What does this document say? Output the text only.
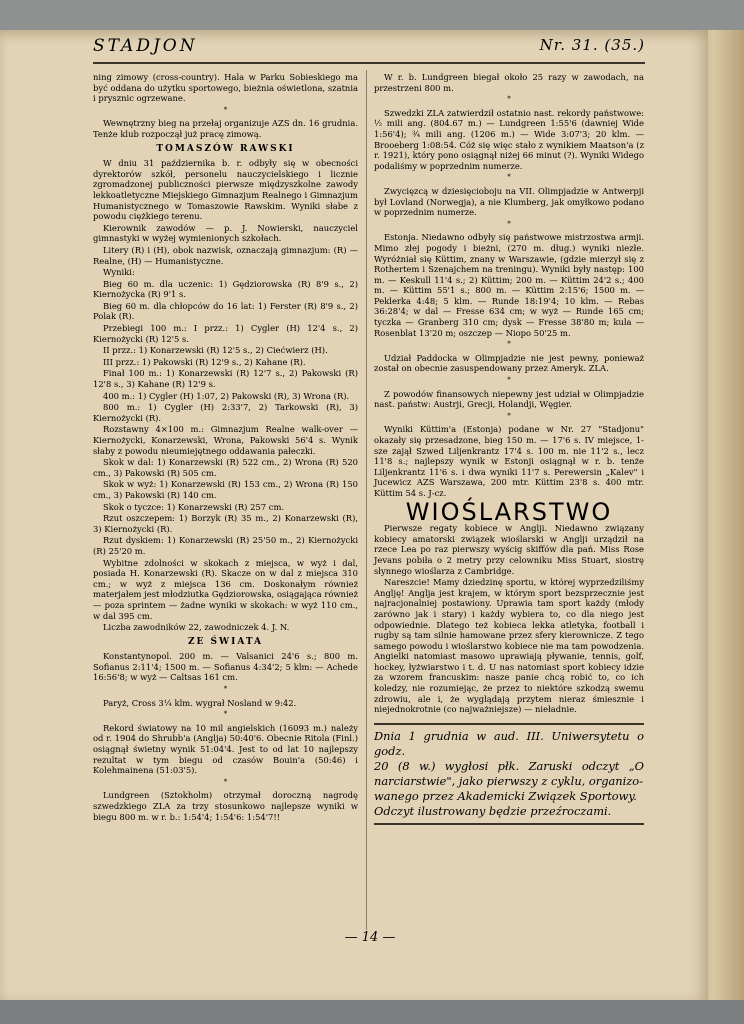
STADJON	Nr. 31. (35.)

ning zimowy (cross-country). Hala w Parku Sobieskiego ma być oddana do użytku sportowego, bieżnia oświetlona, szatnia i prysznic ogrzewane.

*

Wewnętrzny bieg na przełaj organizuje AZS dn. 16 grudnia. Tenże klub rozpoczął już pracę zimową.

TOMASZÓW RAWSKI

W dniu 31 października b. r. odbyły się w obecności dyrektorów szkół, personelu nauczycielskiego i licznie zgromadzonej publiczności pierwsze międzyszkolne zawody lekkoatletyczne Miejskiego Gimnazjum Realnego i Gimnazjum Humanistycznego w Tomaszowie Rawskim. Wyniki słabe z powodu ciężkiego terenu.

Kierownik zawodów — p. J. Nowierski, nauczyciel gimnastyki w wyżej wymienionych szkołach.

Litery (R) i (H), obok nazwisk, oznaczają gimnazjum: (R) — Realne, (H) — Humanistyczne.

Wyniki:

Bieg 60 m. dla uczenic: 1) Gędziorowska (R) 8'9 s., 2) Kiernożycka (R) 9'1 s.

Bieg 60 m. dla chłopców do 16 lat: 1) Ferster (R) 8'9 s., 2) Polak (R).

Przebiegi 100 m.: I przz.: 1) Cygler (H) 12'4 s., 2) Kiernożycki (R) 12'5 s.

II przz.: 1) Konarzewski (R) 12'5 s., 2) Ciećwierz (H).

III przz.: 1) Pakowski (R) 12'9 s., 2) Kahane (R).

Finał 100 m.: 1) Konarzewski (R) 12'7 s., 2) Pakowski (R) 12'8 s., 3) Kahane (R) 12'9 s.

400 m.: 1) Cygler (H) 1:07, 2) Pakowski (R), 3) Wrona (R).

800 m.: 1) Cygler (H) 2:33'7, 2) Tarkowski (R), 3) Kiernożycki (R).

Rozstawny 4×100 m.: Gimnazjum Realne walk-over — Kiernożycki, Konarzewski, Wrona, Pakowski 56'4 s. Wynik słaby z powodu nieumiejętnego oddawania pałeczki.

Skok w dal: 1) Konarzewski (R) 522 cm., 2) Wrona (R) 520 cm., 3) Pakowski (R) 505 cm.

Skok w wyż: 1) Konarzewski (R) 153 cm., 2) Wrona (R) 150 cm., 3) Pakowski (R) 140 cm.

Skok o tyczce: 1) Konarzewski (R) 257 cm.

Rzut oszczepem: 1) Borzyk (R) 35 m., 2) Konarzewski (R), 3) Kiernożycki (R).

Rzut dyskiem: 1) Konarzewski (R) 25'50 m., 2) Kiernożycki (R) 25'20 m.

Wybitne zdolności w skokach z miejsca, w wyż i dal, posiada H. Konarzewski (R). Skacze on w dal z miejsca 310 cm.; w wyż z miejsca 136 cm. Doskonałym również materjałem jest młodziutka Gędziorowska, osiągająca również — poza sprintem — żadne wyniki w skokach: w wyż 110 cm., w dal 395 cm.

Liczba zawodników 22, zawodniczek 4. J. N.

ZE ŚWIATA

Konstantynopol. 200 m. — Valsanici 24'6 s.; 800 m. Sofianus 2:11'4; 1500 m. — Sofianus 4:34'2; 5 klm: — Achede 16:56'8; w wyż — Caltsas 161 cm.

*

Paryż, Cross 3¼ klm. wygrał Nosland w 9:42.

*

Rekord światowy na 10 mil angielskich (16093 m.) należy od r. 1904 do Shrubb'a (Anglja) 50:40'6. Obecnie Ritola (Finl.) osiągnął świetny wynik 51:04'4. Jest to od lat 10 najlepszy rezultat w tym biegu od czasów Bouin'a (50:46) i Kolehmainena (51:03'5).

*

Lundgreen (Sztokholm) otrzymał doroczną nagrodę szwedzkiego ZLA za trzy stosunkowo najlepsze wyniki w biegu 800 m. w r. b.: 1:54'4; 1:54'6: 1:54'7!!

W r. b. Lundgreen biegał około 25 razy w zawodach, na przestrzeni 800 m.

*

Szwedzki ZLA zatwierdził ostatnio nast. rekordy państwowe: ½ mili ang. (804.67 m.) — Lundgreen 1:55'6 (dawniej Wide 1:56'4); ¾ mili ang. (1206 m.) — Wide 3:07'3; 20 klm. — Brooeberg 1:08:54. Cóż się więc stało z wynikiem Maatson'a (z r. 1921), który pono osiągnął niżej 66 minut (?). Wyniki Widego podaliśmy w poprzednim numerze.

*

Zwycięzcą w dziesięcioboju na VII. Olimpjadzie w Antwerpji był Lovland (Norwegja), a nie Klumberg, jak omyłkowo podano w poprzednim numerze.

*

Estonja. Niedawno odbyły się państwowe mistrzostwa armji. Mimo złej pogody i bieżni, (270 m. dług.) wyniki niezłe. Wyróżniał się Küttim, znany w Warszawie, (gdzie mierzył się z Rothertem i Szenajchem na treningu). Wyniki były następ: 100 m. — Keskull 11'4 s.; 2) Küttim; 200 m. — Küttim 24'2 s.; 400 m. — Küttim 55'1 s.; 800 m. — Küttim 2:15'6; 1500 m. — Peklerka 4:48; 5 klm. — Runde 18:19'4; 10 klm. — Rebas 36:28'4; w dal — Fresse 634 cm; w wyż — Runde 165 cm; tyczka — Granberg 310 cm; dysk — Fresse 38'80 m; kula — Rosenblat 13'20 m; oszczep — Niopo 50'25 m.

*

Udział Paddocka w Olimpjadzie nie jest pewny, ponieważ został on obecnie zasuspendowany przez Ameryk. ZLA.

*

Z powodów finansowych niepewny jest udział w Olimpjadzie nast. państw: Austrji, Grecji, Holandji, Węgier.

*

Wyniki Küttim'a (Estonja) podane w Nr. 27 "Stadjonu" okazały się przesadzone, bieg 150 m. — 17'6 s. IV miejsce, 1-sze zajął Szwed Liljenkrantz 17'4 s. 100 m. nie 11'2 s., lecz 11'8 s.; najlepszy wynik w Estonji osiągnął w r. b. tenże Liljenkrantz 11'6 s. i dwa wyniki 11'7 s. Perewersin „Kalev" i Jucewicz AZS Warszawa, 200 mtr. Küttim 23'8 s. 400 mtr. Küttim 54 s. J-cz.

WIOŚLARSTWO

Pierwsze regaty kobiece w Anglji. Niedawno związany kobiecy amatorski związek wioślarski w Anglji urządził na rzece Lea po raz pierwszy wyścig skiffów dla pań. Miss Rose Jevans pobiła o 2 metry przy celowniku Miss Stuart, siostrę słynnego wioślarza z Cambridge.

Nareszcie! Mamy dziedzinę sportu, w której wyprzedziliśmy Anglję! Anglja jest krajem, w którym sport bezsprzecznie jest najracjonalniej postawiony. Uprawia tam sport każdy (młody zarówno jak i stary) i każdy wybiera to, co dla niego jest odpowiednie. Dlatego też kobieca lekka atletyka, football i rugby są tam silnie hamowane przez sfery kierownicze. Z tego samego powodu i wioślarstwo kobiece nie ma tam powodzenia. Angielki natomiast masowo uprawiają pływanie, tennis, golf, hockey, łyżwiarstwo i t. d. U nas natomiast sport kobiecy idzie za wzorem francuskim: nasze panie chcą robić to, co ich koledzy, nie rozumiejąc, że przez to niektóre szkodzą swemu zdrowiu, ale i, że wyglądają przytem nieraz śmiesznie i niejednokrotnie (co najważniejsze) — nieładnie.

Dnia 1 grudnia w aud. III. Uniwersytetu o godz.
20 (8 w.) wygłosi płk. Zaruski odczyt „O narciarstwie", jako pierwszy z cyklu, organizo-
wanego przez Akademicki Związek Sportowy.
Odczyt ilustrowany będzie przeźroczami.
— 14 —
